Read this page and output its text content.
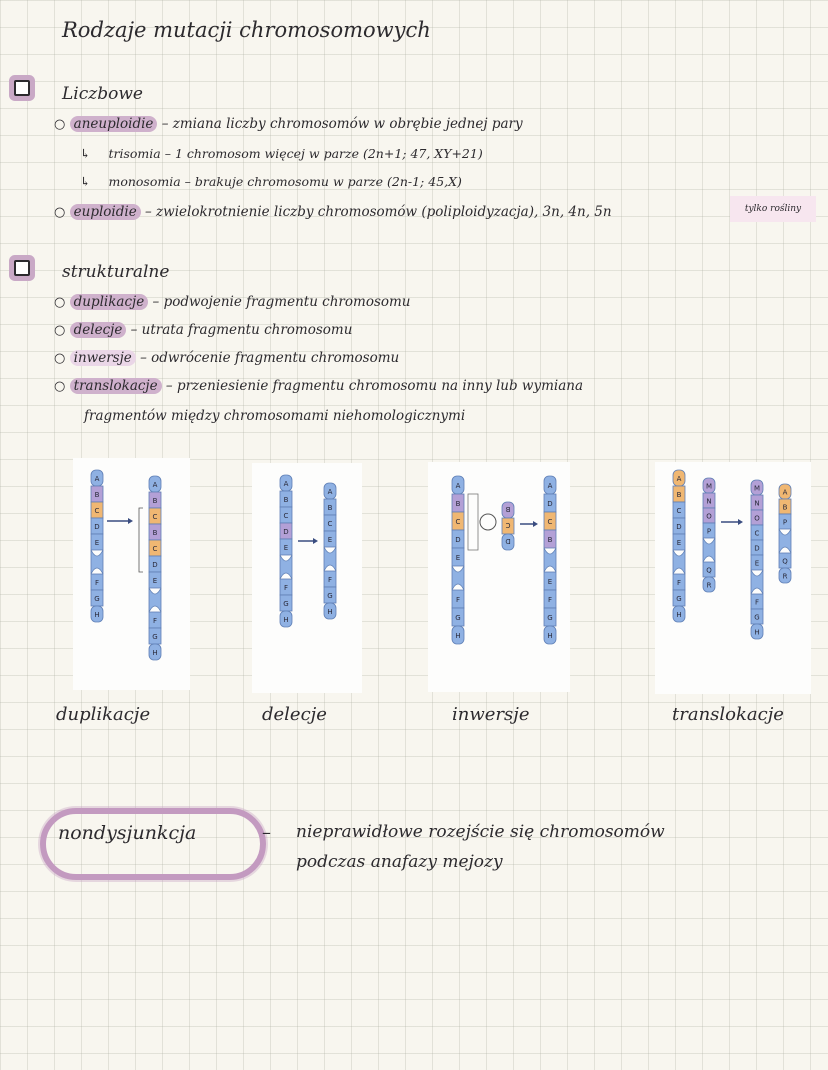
Rodzaje mutacji chromosomowych
Liczbowe
○ aneuploidie – zmiana liczby chromosomów w obrębie jednej pary
↳ trisomia – 1 chromosom więcej w parze (2n+1; 47, XY+21)
↳ monosomia – brakuje chromosomu w parze (2n-1; 45,X)
○ euploidie – zwielokrotnienie liczby chromosomów (poliploidyzacja), 3n, 4n, 5n	tylko rośliny
strukturalne
○ duplikacje – podwojenie fragmentu chromosomu
○ delecje – utrata fragmentu chromosomu
○ inwersje – odwrócenie fragmentu chromosomu
○ translokacje – przeniesienie fragmentu chromosomu na inny lub wymiana
fragmentów między chromosomami niehomologicznymi
A
B
C
D
E
F
G
H
A
B
C
B
C
D
E
F
G
H
A
B
C
D
E
F
G
H
A
B
C
E
F
G
H
A
B
C
D
E
F
G
H
B
C
D
A
D
C
B
E
F
G
H
A
B
C
D
E
F
G
H
M
N
O
P
Q
R
M
N
O
C
D
E
F
G
H
A
B
P
Q
R
duplikacje	delecje	inwersje	translokacje
nondysjunkcja	– nieprawidłowe rozejście się chromosomów
podczas anafazy mejozy
